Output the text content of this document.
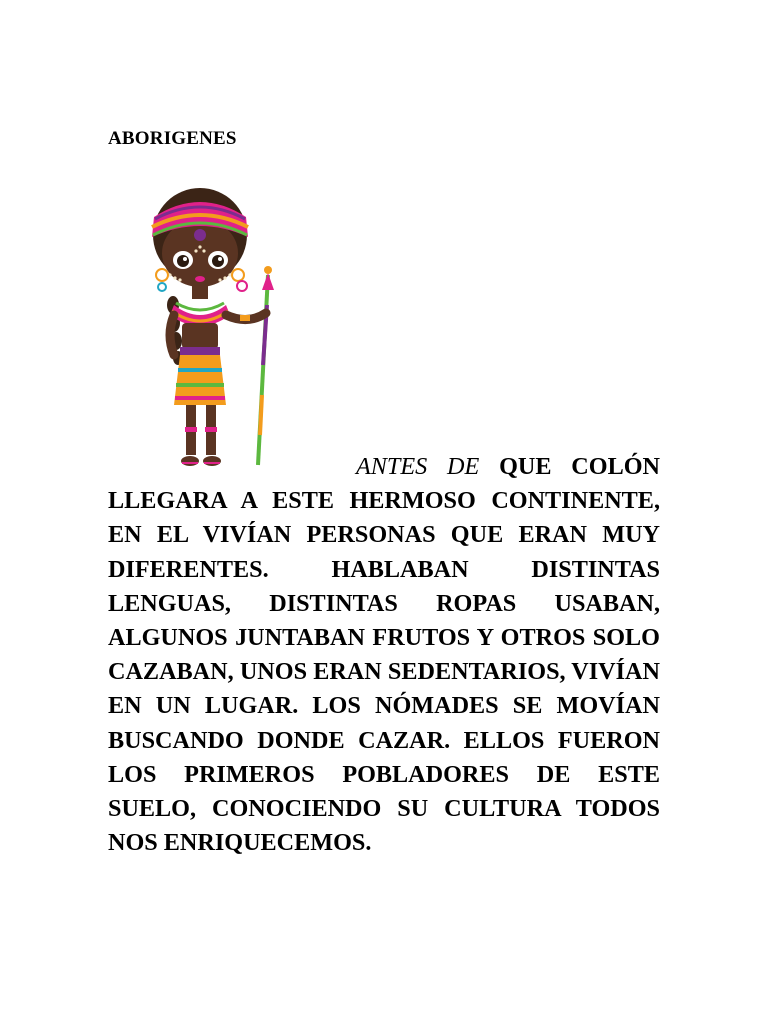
ABORIGENES
ANTES DE QUE COLÓN LLEGARA A ESTE HERMOSO CONTINENTE, EN EL VIVÍAN PERSONAS QUE ERAN MUY DIFERENTES. HABLABAN DISTINTAS LENGUAS, DISTINTAS ROPAS USABAN, ALGUNOS JUNTABAN FRUTOS Y OTROS SOLO CAZABAN, UNOS ERAN SEDENTARIOS, VIVÍAN EN UN LUGAR. LOS NÓMADES SE MOVÍAN BUSCANDO DONDE CAZAR. ELLOS FUERON LOS PRIMEROS POBLADORES DE ESTE SUELO, CONOCIENDO SU CULTURA TODOS NOS ENRIQUECEMOS.
